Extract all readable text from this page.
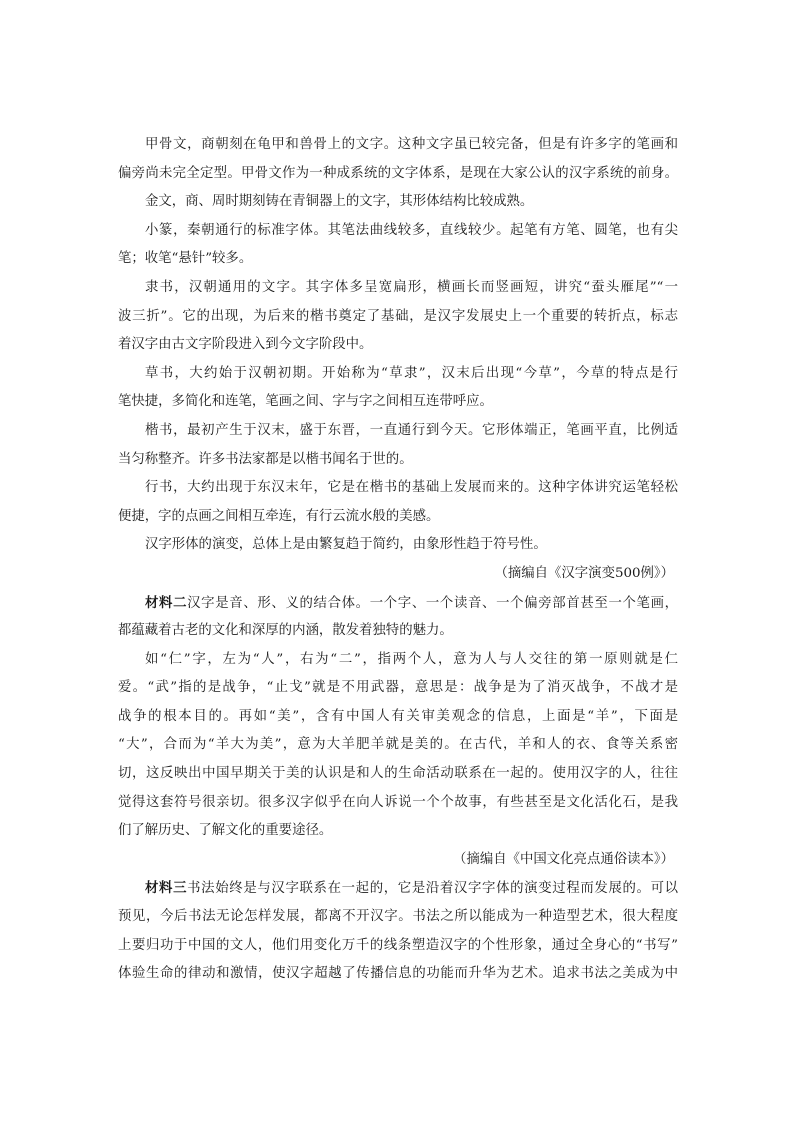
甲骨文，商朝刻在龟甲和兽骨上的文字。这种文字虽已较完备，但是有许多字的笔画和
偏旁尚未完全定型。甲骨文作为一种成系统的文字体系，是现在大家公认的汉字系统的前身。
金文，商、周时期刻铸在青铜器上的文字，其形体结构比较成熟。
小篆，秦朝通行的标准字体。其笔法曲线较多，直线较少。起笔有方笔、圆笔，也有尖
笔；收笔“悬针”较多。
隶书，汉朝通用的文字。其字体多呈宽扁形，横画长而竖画短，讲究“蚕头雁尾”“一
波三折”。它的出现，为后来的楷书奠定了基础，是汉字发展史上一个重要的转折点，标志
着汉字由古文字阶段进入到今文字阶段中。
草书，大约始于汉朝初期。开始称为“草隶”，汉末后出现“今草”，今草的特点是行
笔快捷，多简化和连笔，笔画之间、字与字之间相互连带呼应。
楷书，最初产生于汉末，盛于东晋，一直通行到今天。它形体端正，笔画平直，比例适
当匀称整齐。许多书法家都是以楷书闻名于世的。
行书，大约出现于东汉末年，它是在楷书的基础上发展而来的。这种字体讲究运笔轻松
便捷，字的点画之间相互牵连，有行云流水般的美感。
汉字形体的演变，总体上是由繁复趋于简约，由象形性趋于符号性。
（摘编自《汉字演变500例》）
材料二汉字是音、形、义的结合体。一个字、一个读音、一个偏旁部首甚至一个笔画，
都蕴藏着古老的文化和深厚的内涵，散发着独特的魅力。
如“仁”字，左为“人”，右为“二”，指两个人，意为人与人交往的第一原则就是仁
爱。“武”指的是战争，“止戈”就是不用武器，意思是：战争是为了消灭战争，不战才是
战争的根本目的。再如“美”，含有中国人有关审美观念的信息，上面是“羊”，下面是
“大”，合而为“羊大为美”，意为大羊肥羊就是美的。在古代，羊和人的衣、食等关系密
切，这反映出中国早期关于美的认识是和人的生命活动联系在一起的。使用汉字的人，往往
觉得这套符号很亲切。很多汉字似乎在向人诉说一个个故事，有些甚至是文化活化石，是我
们了解历史、了解文化的重要途径。
（摘编自《中国文化亮点通俗读本》）
材料三书法始终是与汉字联系在一起的，它是沿着汉字字体的演变过程而发展的。可以
预见，今后书法无论怎样发展，都离不开汉字。书法之所以能成为一种造型艺术，很大程度
上要归功于中国的文人，他们用变化万千的线条塑造汉字的个性形象，通过全身心的“书写”
体验生命的律动和激情，使汉字超越了传播信息的功能而升华为艺术。追求书法之美成为中
